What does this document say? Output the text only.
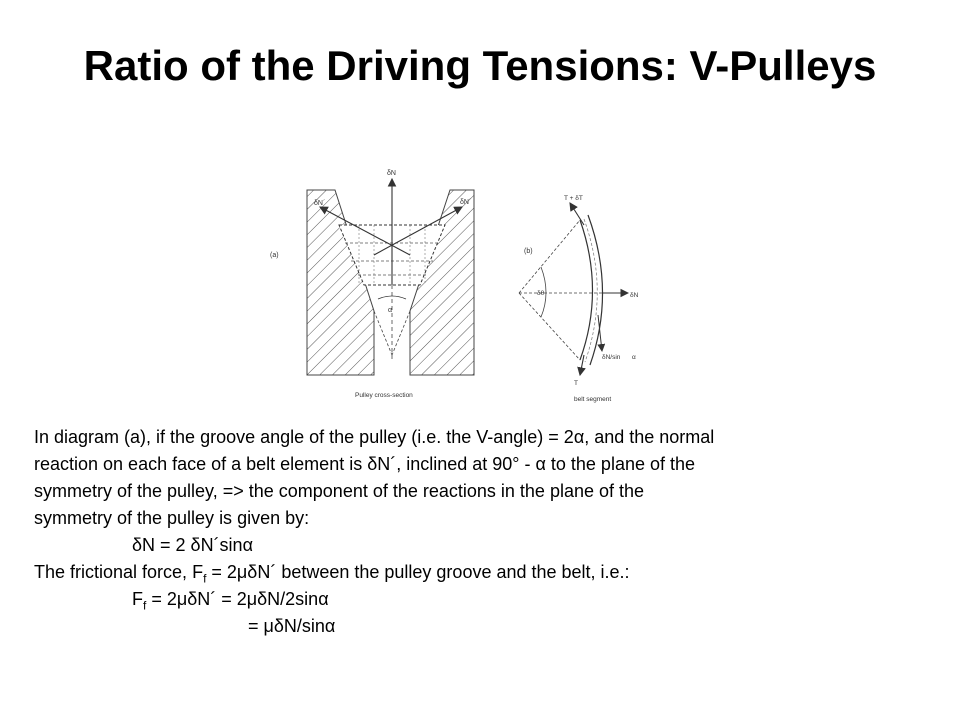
Ratio of the Driving Tensions: V-Pulleys
(a)
α
δN
δN´	δN´
Pulley cross-section
(b)
δθ
T + δT
T
δN
δN/sin α
belt segment
In diagram (a), if the groove angle of the pulley (i.e. the V-angle) = 2α, and the normal
reaction on each face of a belt element is δN´, inclined at 90° - α to the plane of the
symmetry of the pulley, => the component of the reactions in the plane of the
symmetry of the pulley is given by:
δN = 2 δN´sinα
The frictional force, $F_f$ = 2μδN´ between the pulley groove and the belt, i.e.:
$F_f$ = 2μδN´ = 2μδN/2sinα
= μδN/sinα
